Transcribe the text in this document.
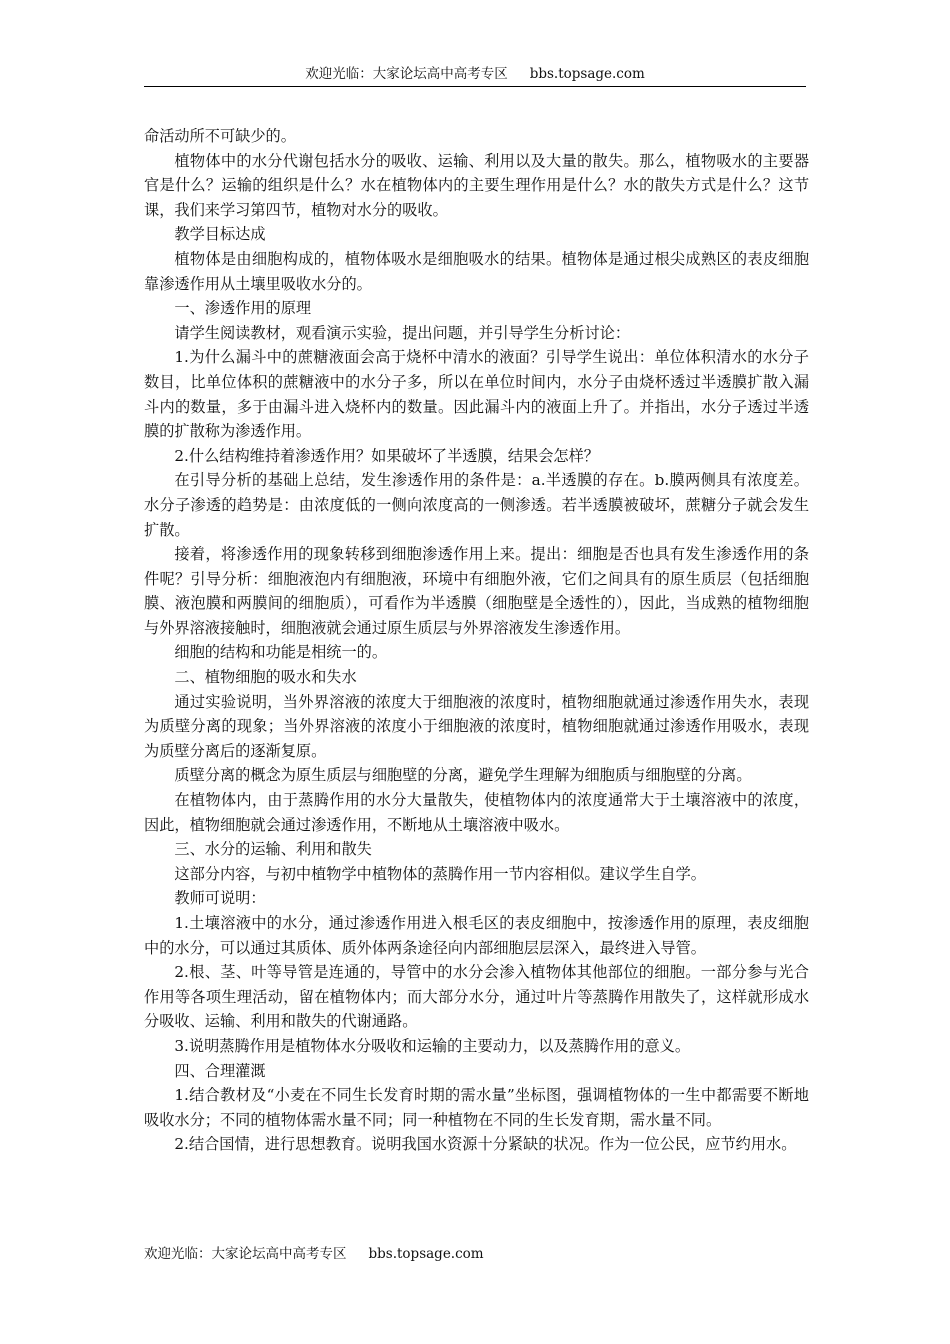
欢迎光临：大家论坛高中高考专区 bbs.topsage.com

命活动所不可缺少的。

植物体中的水分代谢包括水分的吸收、运输、利用以及大量的散失。那么，植物吸水的主要器官是什么？运输的组织是什么？水在植物体内的主要生理作用是什么？水的散失方式是什么？这节课，我们来学习第四节，植物对水分的吸收。

教学目标达成

植物体是由细胞构成的，植物体吸水是细胞吸水的结果。植物体是通过根尖成熟区的表皮细胞靠渗透作用从土壤里吸收水分的。

一、渗透作用的原理

请学生阅读教材，观看演示实验，提出问题，并引导学生分析讨论：

1.为什么漏斗中的蔗糖液面会高于烧杯中清水的液面？引导学生说出：单位体积清水的水分子数目，比单位体积的蔗糖液中的水分子多，所以在单位时间内，水分子由烧杯透过半透膜扩散入漏斗内的数量，多于由漏斗进入烧杯内的数量。因此漏斗内的液面上升了。并指出，水分子透过半透膜的扩散称为渗透作用。

2.什么结构维持着渗透作用？如果破坏了半透膜，结果会怎样？

在引导分析的基础上总结，发生渗透作用的条件是：a.半透膜的存在。b.膜两侧具有浓度差。水分子渗透的趋势是：由浓度低的一侧向浓度高的一侧渗透。若半透膜被破坏，蔗糖分子就会发生扩散。

接着，将渗透作用的现象转移到细胞渗透作用上来。提出：细胞是否也具有发生渗透作用的条件呢？引导分析：细胞液泡内有细胞液，环境中有细胞外液，它们之间具有的原生质层（包括细胞膜、液泡膜和两膜间的细胞质），可看作为半透膜（细胞壁是全透性的），因此，当成熟的植物细胞与外界溶液接触时，细胞液就会通过原生质层与外界溶液发生渗透作用。

细胞的结构和功能是相统一的。

二、植物细胞的吸水和失水

通过实验说明，当外界溶液的浓度大于细胞液的浓度时，植物细胞就通过渗透作用失水，表现为质壁分离的现象；当外界溶液的浓度小于细胞液的浓度时，植物细胞就通过渗透作用吸水，表现为质壁分离后的逐渐复原。

质壁分离的概念为原生质层与细胞壁的分离，避免学生理解为细胞质与细胞壁的分离。

在植物体内，由于蒸腾作用的水分大量散失，使植物体内的浓度通常大于土壤溶液中的浓度，因此，植物细胞就会通过渗透作用，不断地从土壤溶液中吸水。

三、水分的运输、利用和散失

这部分内容，与初中植物学中植物体的蒸腾作用一节内容相似。建议学生自学。

教师可说明：

1.土壤溶液中的水分，通过渗透作用进入根毛区的表皮细胞中，按渗透作用的原理，表皮细胞中的水分，可以通过其质体、质外体两条途径向内部细胞层层深入，最终进入导管。

2.根、茎、叶等导管是连通的，导管中的水分会渗入植物体其他部位的细胞。一部分参与光合作用等各项生理活动，留在植物体内；而大部分水分，通过叶片等蒸腾作用散失了，这样就形成水分吸收、运输、利用和散失的代谢通路。

3.说明蒸腾作用是植物体水分吸收和运输的主要动力，以及蒸腾作用的意义。

四、合理灌溉

1.结合教材及“小麦在不同生长发育时期的需水量”坐标图，强调植物体的一生中都需要不断地吸收水分；不同的植物体需水量不同；同一种植物在不同的生长发育期，需水量不同。

2.结合国情，进行思想教育。说明我国水资源十分紧缺的状况。作为一位公民，应节约用水。

欢迎光临：大家论坛高中高考专区 bbs.topsage.com
